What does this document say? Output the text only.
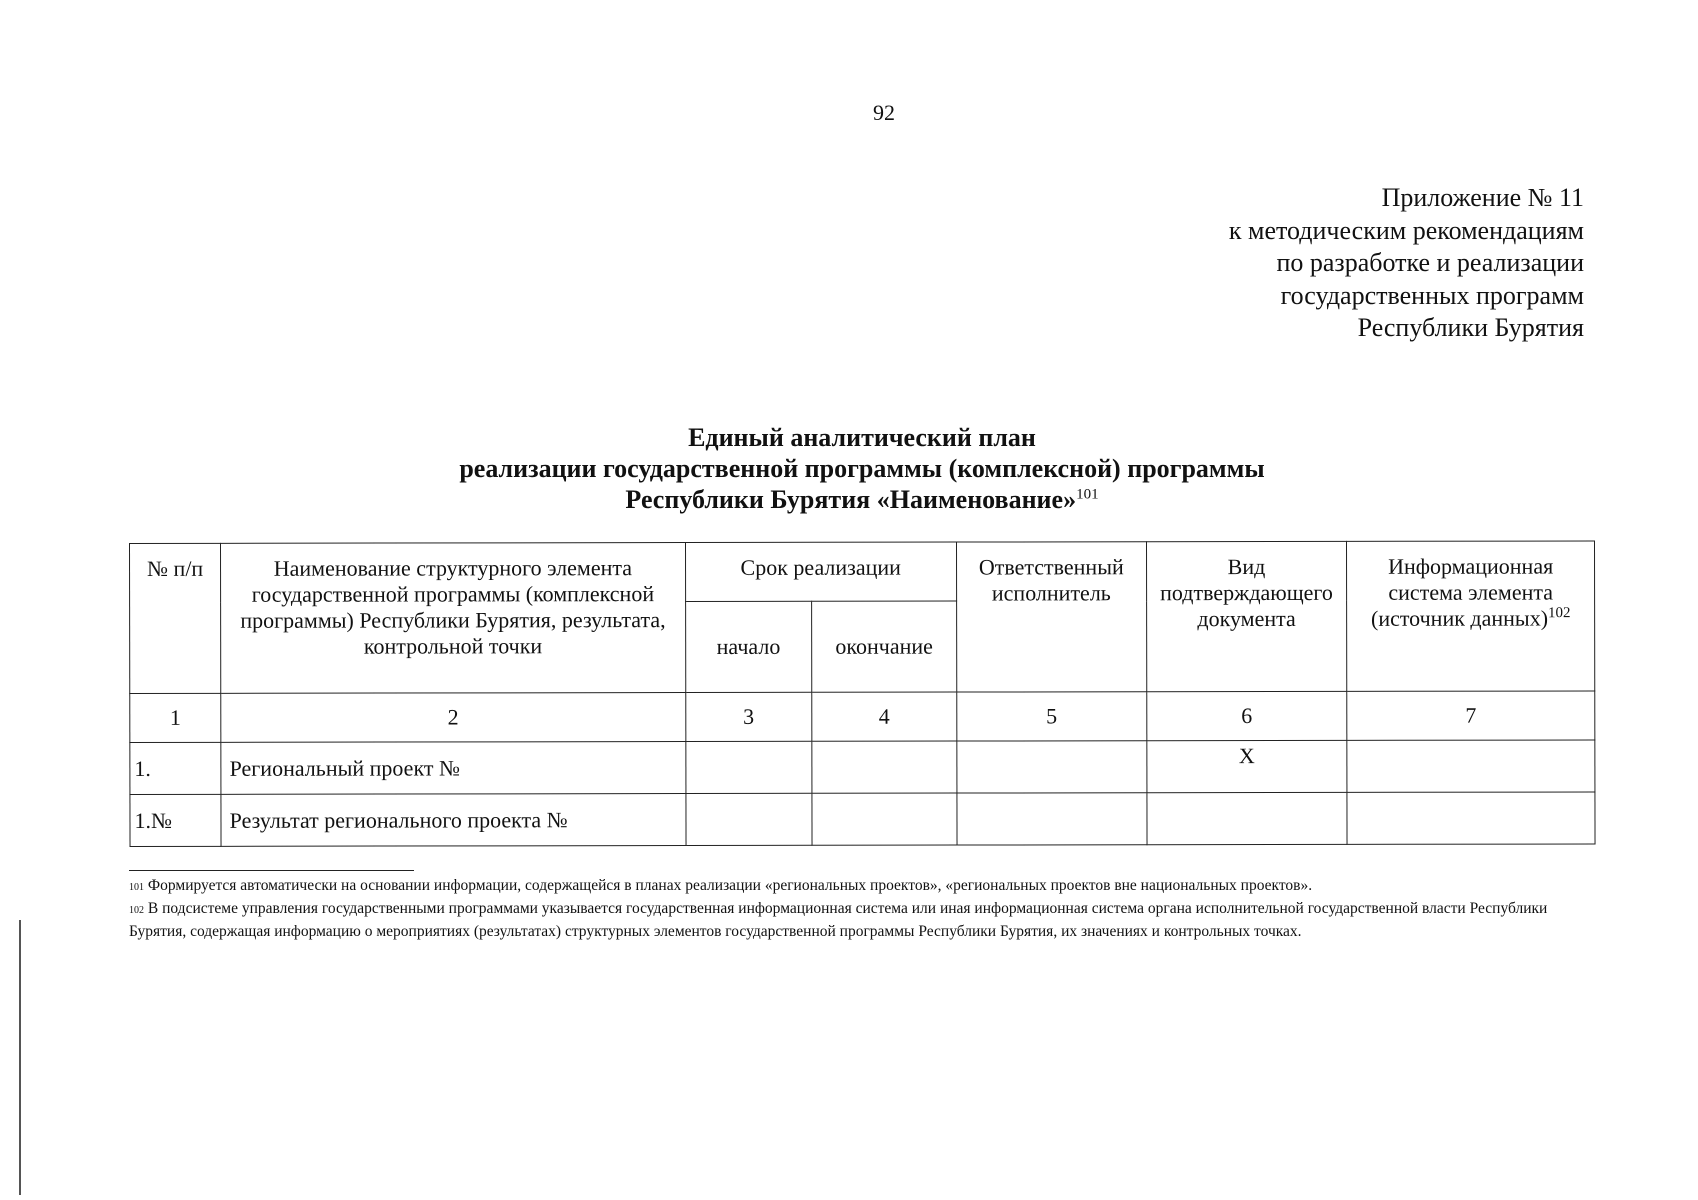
92
Приложение № 11
к методическим рекомендациям
по разработке и реализации
государственных программ
Республики Бурятия
Единый аналитический план
реализации государственной программы (комплексной) программы
Республики Бурятия «Наименование»$^{101}$
№ п/п	Наименование структурного элемента государственной программы (комплексной программы) Республики Бурятия, результата, контрольной точки	Срок реализации		Ответственный исполнитель	Вид подтверждающего документа	Информационная система элемента (источник данных)$^{102}$
		начало	окончание			
1	2	3	4	5	6	7
1.	Региональный проект №				Х	
1.№	Результат регионального проекта №					

101 Формируется автоматически на основании информации, содержащейся в планах реализации «региональных проектов», «региональных проектов вне национальных проектов».

102 В подсистеме управления государственными программами указывается государственная информационная система или иная информационная система органа исполнительной государственной власти Республики Бурятия, содержащая информацию о мероприятиях (результатах) структурных элементов государственной программы Республики Бурятия, их значениях и контрольных точках.
